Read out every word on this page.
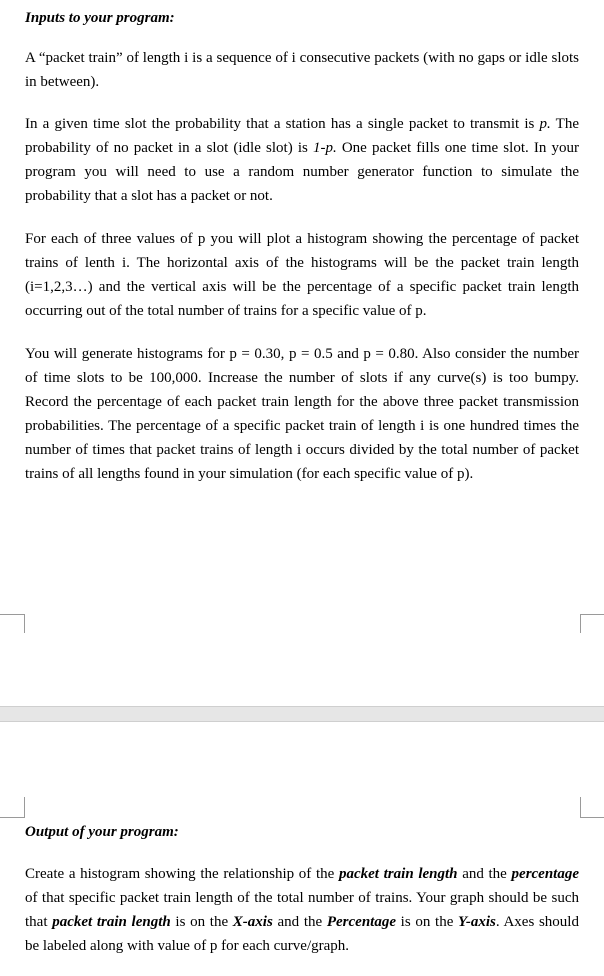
Inputs to your program:
A “packet train” of length i is a sequence of i consecutive packets (with no gaps or idle slots in between).
In a given time slot the probability that a station has a single packet to transmit is p. The probability of no packet in a slot (idle slot) is 1-p. One packet fills one time slot. In your program you will need to use a random number generator function to simulate the probability that a slot has a packet or not.
For each of three values of p you will plot a histogram showing the percentage of packet trains of lenth i. The horizontal axis of the histograms will be the packet train length (i=1,2,3…) and the vertical axis will be the percentage of a specific packet train length occurring out of the total number of trains for a specific value of p.
You will generate histograms for p = 0.30, p = 0.5 and p = 0.80. Also consider the number of time slots to be 100,000. Increase the number of slots if any curve(s) is too bumpy. Record the percentage of each packet train length for the above three packet transmission probabilities. The percentage of a specific packet train of length i is one hundred times the number of times that packet trains of length i occurs divided by the total number of packet trains of all lengths found in your simulation (for each specific value of p).
Output of your program:
Create a histogram showing the relationship of the packet train length and the percentage of that specific packet train length of the total number of trains. Your graph should be such that packet train length is on the X-axis and the Percentage is on the Y-axis. Axes should be labeled along with value of p for each curve/graph.
